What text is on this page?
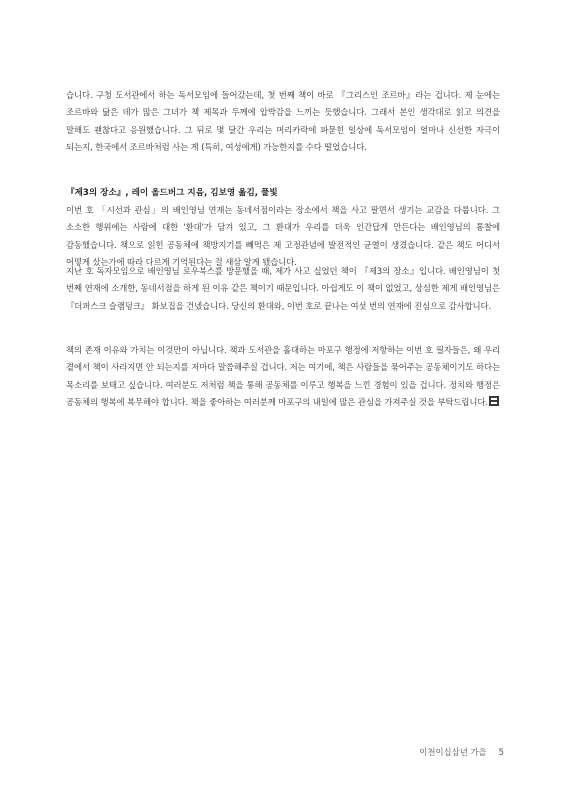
습니다. 구청 도서관에서 하는 독서모임에 들어갔는데, 첫 번째 책이 바로 『그리스인 조르바』라는 겁니다. 제 눈에는 조르바와 닮은 데가 많은 그녀가 책 제목과 두께에 압박감을 느끼는 듯했습니다. 그래서 본인 생각대로 읽고 의견을 말해도 괜찮다고 응원했습니다. 그 뒤로 몇 달간 우리는 머리카락에 파묻힌 일상에 독서모임이 얼마나 신선한 자극이 되는지, 한국에서 조르바처럼 사는 게 (특히, 여성에게) 가능한지를 수다 떨었습니다.

『제3의 장소』, 레이 올드버그 지음, 김보영 옮김, 풀빛

이번 호 「시선과 관심」의 배인영님 연재는 동네서점이라는 장소에서 책을 사고 팔면서 생기는 교감을 다룹니다. 그 소소한 행위에는 사람에 대한 '환대'가 담겨 있고, 그 환대가 우리를 더욱 인간답게 만든다는 배인영님의 통찰에 감동했습니다. 책으로 읽힌 공동체에 책방지기를 빼먹은 제 고정관념에 발전적인 균열이 생겼습니다. 같은 책도 어디서 어떻게 샀는가에 따라 다르게 기억된다는 걸 새삼 알게 됐습니다.

지난 호 독자모임으로 배인영님 로우북스를 방문했을 때, 제가 사고 싶었던 책이 『제3의 장소』입니다. 배인영님이 첫 번째 연재에 소개한, 동네서점을 하게 된 이유 같은 책이기 때문입니다. 아쉽게도 이 책이 없었고, 상심한 제게 배인영님은 『더퍼스크 슬램덩크』 화보집을 건넸습니다. 당신의 환대와, 이번 호로 끝나는 여섯 번의 연재에 진심으로 감사합니다.

책의 존재 이유와 가치는 이것만이 아닙니다. 책과 도서관을 홀대하는 마포구 행정에 저항하는 이번 호 필자들은, 왜 우리 곁에서 책이 사라지면 안 되는지를 저마다 말씀해주실 겁니다. 저는 여기에, 책은 사람들을 묶어주는 공동체이기도 하다는 목소리를 보태고 싶습니다. 여러분도 저처럼 책을 통해 공동체를 이루고 행복을 느낀 경험이 있을 겁니다. 정치와 행정은 공동체의 행복에 복무해야 합니다. 책을 좋아하는 여러분께 마포구의 내일에 많은 관심을 가져주실 것을 부탁드립니다.

이천이십삼년 가을 5
